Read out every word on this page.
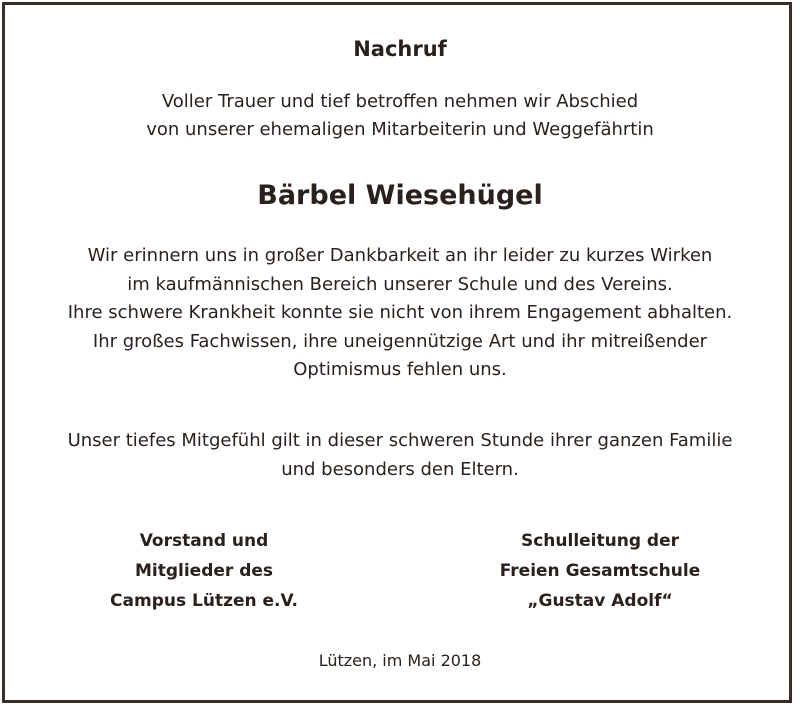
Nachruf
Voller Trauer und tief betroffen nehmen wir Abschied
von unserer ehemaligen Mitarbeiterin und Weggefährtin
Bärbel Wiesehügel
Wir erinnern uns in großer Dankbarkeit an ihr leider zu kurzes Wirken
im kaufmännischen Bereich unserer Schule und des Vereins.
Ihre schwere Krankheit konnte sie nicht von ihrem Engagement abhalten.
Ihr großes Fachwissen, ihre uneigennützige Art und ihr mitreißender
Optimismus fehlen uns.
Unser tiefes Mitgefühl gilt in dieser schweren Stunde ihrer ganzen Familie
und besonders den Eltern.
Vorstand und
Mitglieder des
Campus Lützen e.V.
Schulleitung der
Freien Gesamtschule
„Gustav Adolf“
Lützen, im Mai 2018
